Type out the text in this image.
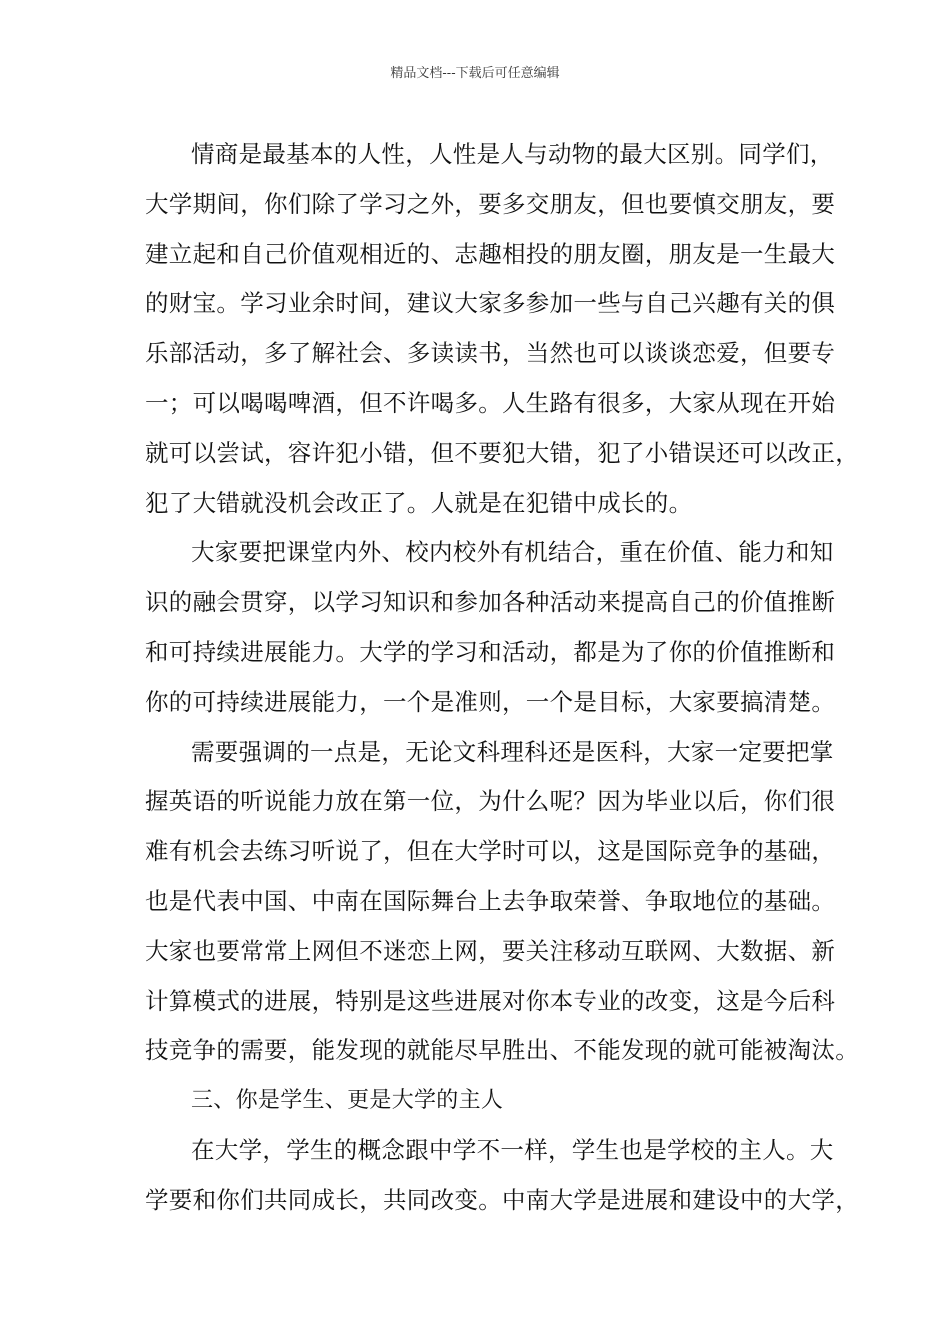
精品文档---下载后可任意编辑
情商是最基本的人性，人性是人与动物的最大区别。同学们，
大学期间，你们除了学习之外，要多交朋友，但也要慎交朋友，要
建立起和自己价值观相近的、志趣相投的朋友圈，朋友是一生最大
的财宝。学习业余时间，建议大家多参加一些与自己兴趣有关的俱
乐部活动，多了解社会、多读读书，当然也可以谈谈恋爱，但要专
一；可以喝喝啤酒，但不许喝多。人生路有很多，大家从现在开始
就可以尝试，容许犯小错，但不要犯大错，犯了小错误还可以改正，
犯了大错就没机会改正了。人就是在犯错中成长的。
大家要把课堂内外、校内校外有机结合，重在价值、能力和知
识的融会贯穿，以学习知识和参加各种活动来提高自己的价值推断
和可持续进展能力。大学的学习和活动，都是为了你的价值推断和
你的可持续进展能力，一个是准则，一个是目标，大家要搞清楚。
需要强调的一点是，无论文科理科还是医科，大家一定要把掌
握英语的听说能力放在第一位，为什么呢？因为毕业以后，你们很
难有机会去练习听说了，但在大学时可以，这是国际竞争的基础，
也是代表中国、中南在国际舞台上去争取荣誉、争取地位的基础。
大家也要常常上网但不迷恋上网，要关注移动互联网、大数据、新
计算模式的进展，特别是这些进展对你本专业的改变，这是今后科
技竞争的需要，能发现的就能尽早胜出、不能发现的就可能被淘汰。
三、你是学生、更是大学的主人
在大学，学生的概念跟中学不一样，学生也是学校的主人。大
学要和你们共同成长，共同改变。中南大学是进展和建设中的大学，
